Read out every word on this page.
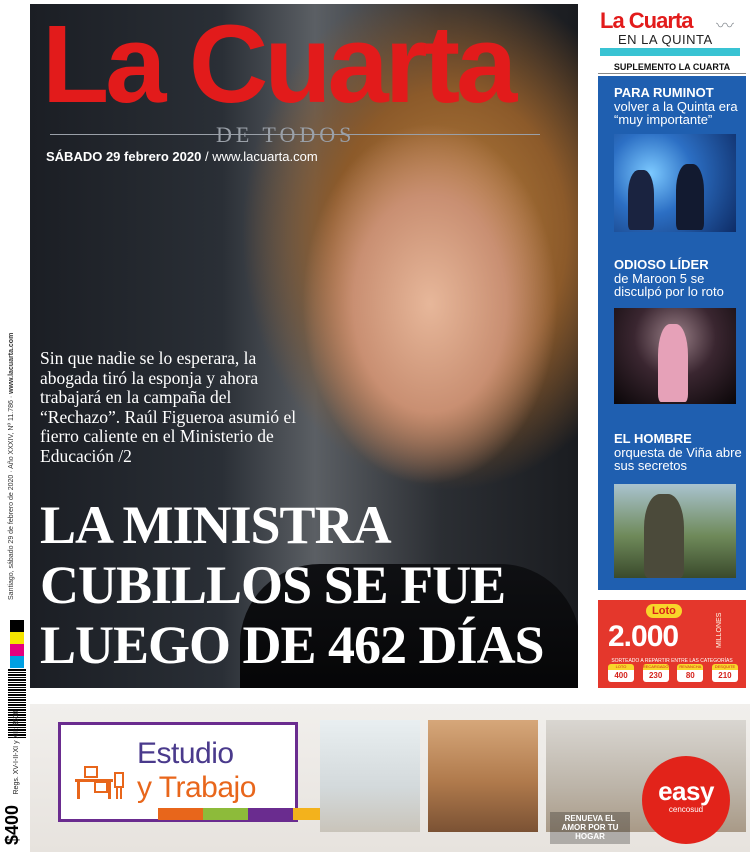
Santiago, sábado 29 de febrero de 2020 · Año XXXIV, Nº 11.786 · www.lacuarta.com
$400 Regs. XV-I-II-XI y XII: $500
La Cuarta
DE TODOS
SÁBADO 29 febrero 2020 / www.lacuarta.com
Sin que nadie se lo esperara, la abogada tiró la esponja y ahora trabajará en la campaña del “Rechazo”. Raúl Figueroa asumió el fierro caliente en el Ministerio de Educación /2
LA MINISTRA
CUBILLOS SE FUE
LUEGO DE 462 DÍAS
La Cuarta 〰
EN LA QUINTA
SUPLEMENTO LA CUARTA
PARA RUMINOT
volver a la Quinta era “muy importante”
ODIOSO LÍDER
de Maroon 5 se disculpó por lo roto
EL HOMBRE
orquesta de Viña abre sus secretos
Loto
2.000	MILLONES
SORTEADO A REPARTIR ENTRE LAS CATEGORÍAS
LOTO
400
RECARGADO
230
REVANCHA
80
DESQUITE
210
Estudio
y Trabajo
RENUEVA EL AMOR POR TU HOGAR
easy
cencosud
